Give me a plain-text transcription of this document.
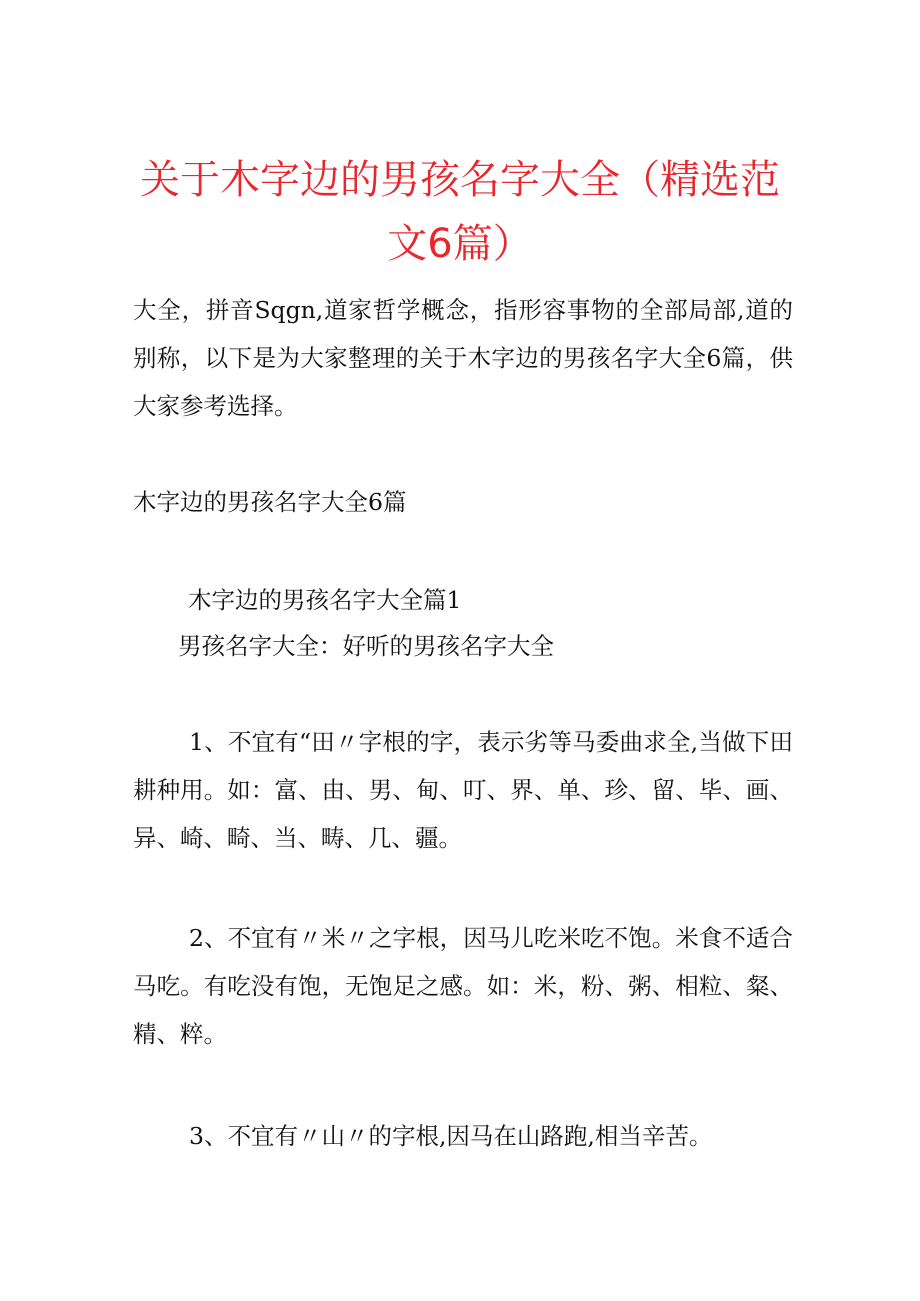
关于木字边的男孩名字大全（精选范文6篇）

大全，拼音Sqgn,道家哲学概念，指形容事物的全部局部,道的别称，以下是为大家整理的关于木字边的男孩名字大全6篇，供大家参考选择。

木字边的男孩名字大全6篇

木字边的男孩名字大全篇1

男孩名字大全：好听的男孩名字大全

1、不宜有“田〃字根的字，表示劣等马委曲求全,当做下田耕种用。如：富、由、男、甸、叮、界、单、珍、留、毕、画、异、崎、畸、当、畴、几、疆。

2、不宜有〃米〃之字根，因马儿吃米吃不饱。米食不适合马吃。有吃没有饱，无饱足之感。如：米，粉、粥、相粒、粲、精、粹。

3、不宜有〃山〃的字根,因马在山路跑,相当辛苦。
